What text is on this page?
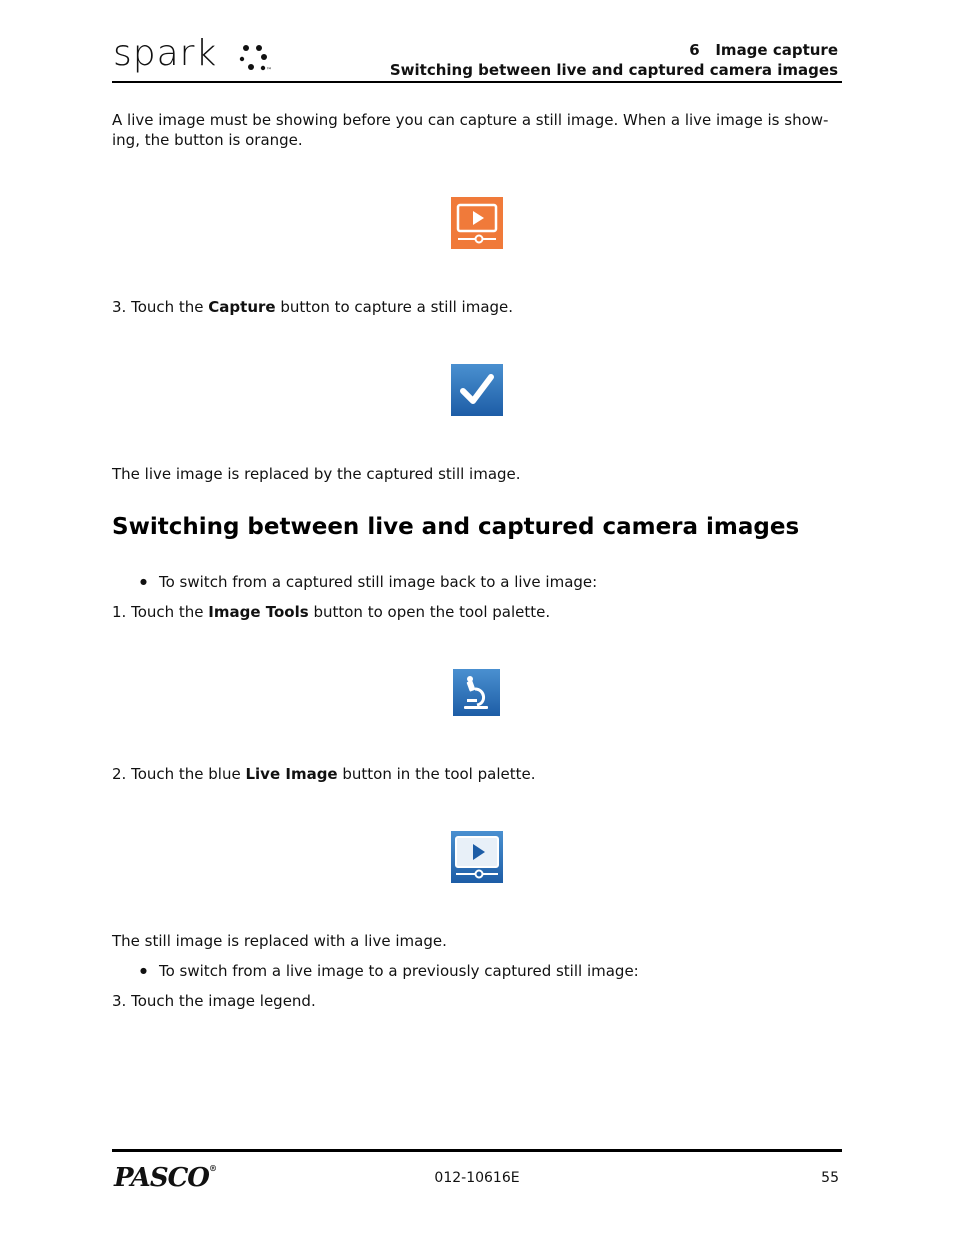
spark	™
6   Image capture
Switching between live and captured camera images
A live image must be showing before you can capture a still image. When a live image is show-
ing, the button is orange.
3. Touch the Capture button to capture a still image.
The live image is replaced by the captured still image.
Switching between live and captured camera images
● To switch from a captured still image back to a live image:
1. Touch the Image Tools button to open the tool palette.
2. Touch the blue Live Image button in the tool palette.
The still image is replaced with a live image.
● To switch from a live image to a previously captured still image:
3. Touch the image legend.
PASCO®
012-10616E	55
